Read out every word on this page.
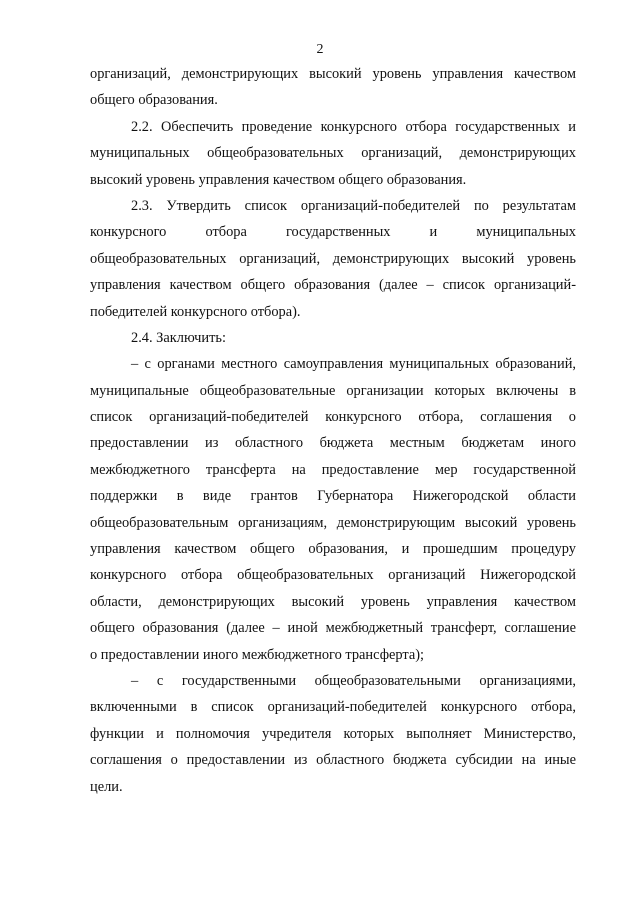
2
организаций, демонстрирующих высокий уровень управления качеством
общего образования.
2.2. Обеспечить проведение конкурсного отбора государственных и
муниципальных общеобразовательных организаций, демонстрирующих
высокий уровень управления качеством общего образования.
2.3. Утвердить список организаций-победителей по результатам
конкурсного отбора государственных и муниципальных
общеобразовательных организаций, демонстрирующих высокий уровень
управления качеством общего образования (далее – список организаций-
победителей конкурсного отбора).
2.4. Заключить:
– с органами местного самоуправления муниципальных образований,
муниципальные общеобразовательные организации которых включены в
список организаций-победителей конкурсного отбора, соглашения о
предоставлении из областного бюджета местным бюджетам иного
межбюджетного трансферта на предоставление мер государственной
поддержки в виде грантов Губернатора Нижегородской области
общеобразовательным организациям, демонстрирующим высокий уровень
управления качеством общего образования, и прошедшим процедуру
конкурсного отбора общеобразовательных организаций Нижегородской
области, демонстрирующих высокий уровень управления качеством
общего образования (далее – иной межбюджетный трансферт, соглашение
о предоставлении иного межбюджетного трансферта);
– с государственными общеобразовательными организациями,
включенными в список организаций-победителей конкурсного отбора,
функции и полномочия учредителя которых выполняет Министерство,
соглашения о предоставлении из областного бюджета субсидии на иные
цели.
